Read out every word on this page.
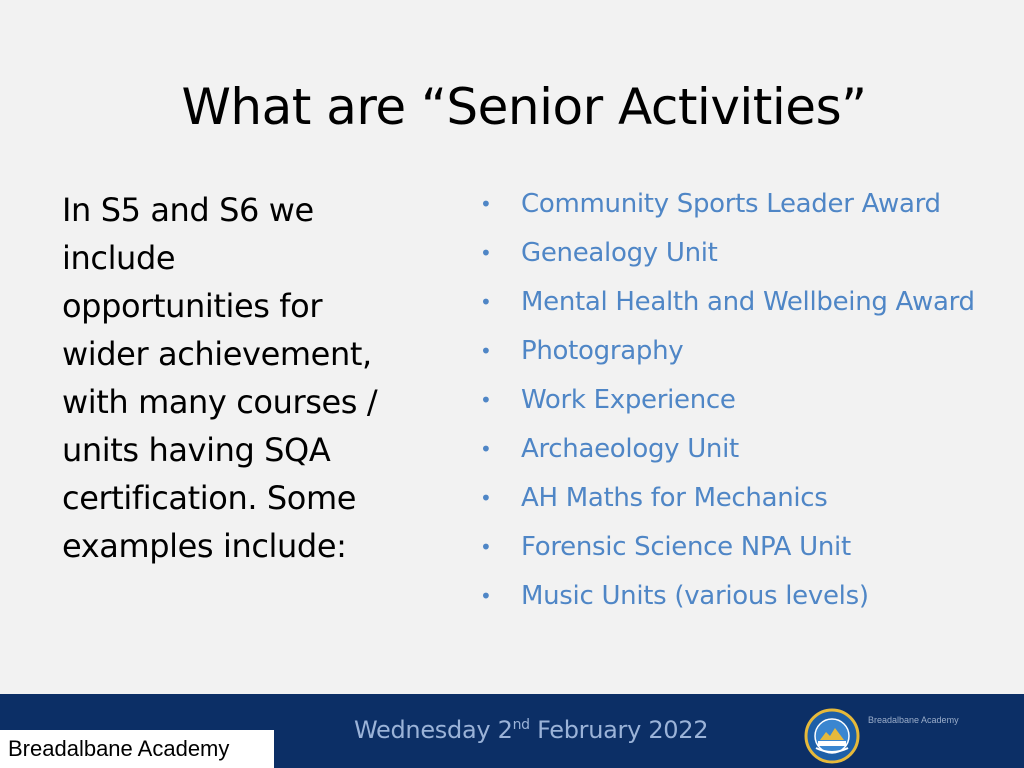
What are “Senior Activities”
In S5 and S6 we include opportunities for wider achievement, with many courses / units having SQA certification. Some examples include:
• Community Sports Leader Award
• Genealogy Unit
• Mental Health and Wellbeing Award
• Photography
• Work Experience
• Archaeology Unit
• AH Maths for Mechanics
• Forensic Science NPA Unit
• Music Units (various levels)
Breadalbane Academy
Wednesday 2nd February 2022	Breadalbane Academy
